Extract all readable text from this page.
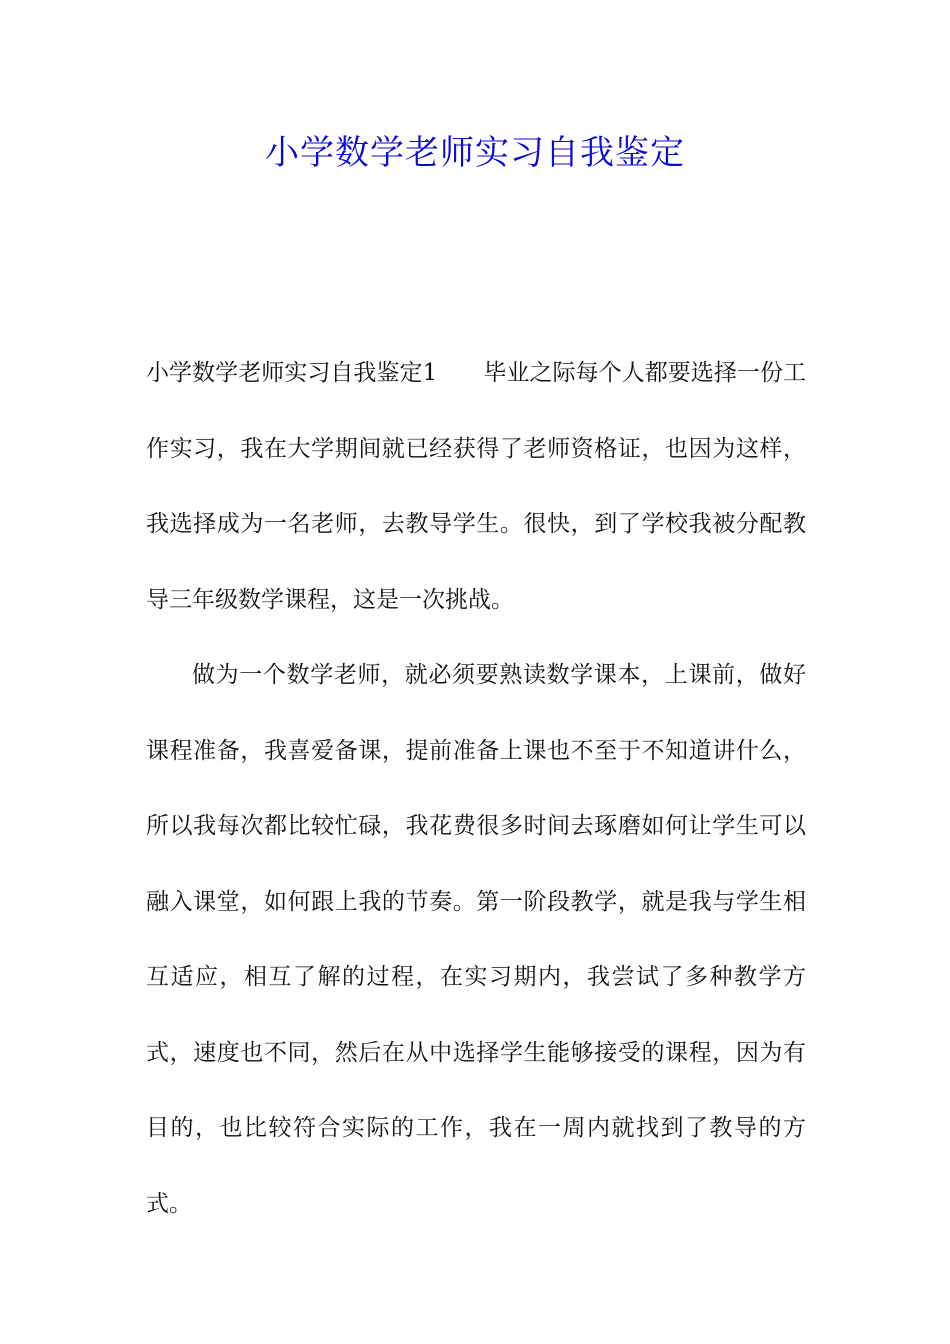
小学数学老师实习自我鉴定

小学数学老师实习自我鉴定1　　毕业之际每个人都要选择一份工作实习，我在大学期间就已经获得了老师资格证，也因为这样，我选择成为一名老师，去教导学生。很快，到了学校我被分配教导三年级数学课程，这是一次挑战。

做为一个数学老师，就必须要熟读数学课本，上课前，做好课程准备，我喜爱备课，提前准备上课也不至于不知道讲什么，所以我每次都比较忙碌，我花费很多时间去琢磨如何让学生可以融入课堂，如何跟上我的节奏。第一阶段教学，就是我与学生相互适应，相互了解的过程，在实习期内，我尝试了多种教学方式，速度也不同，然后在从中选择学生能够接受的课程，因为有目的，也比较符合实际的工作，我在一周内就找到了教导的方式。
